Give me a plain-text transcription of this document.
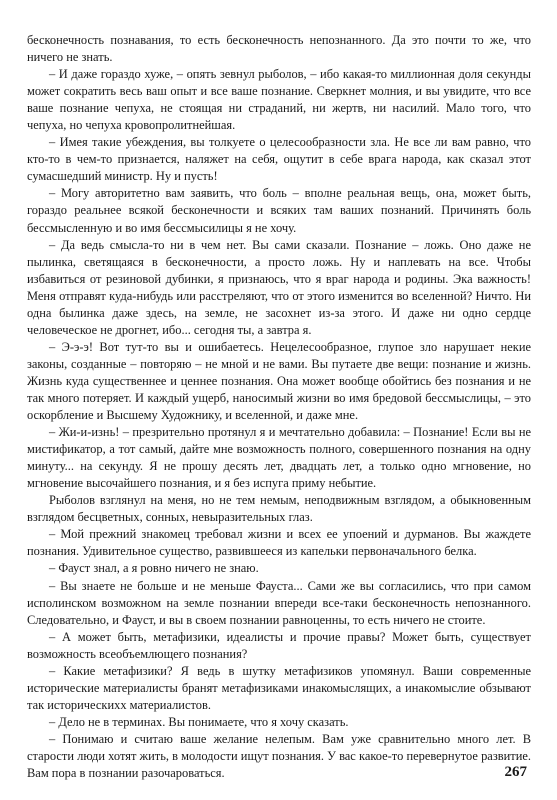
бесконечность познавания, то есть бесконечность непознанного. Да это почти то же, что ничего не знать.

– И даже гораздо хуже, – опять зевнул рыболов, – ибо какая-то миллионная доля секунды может сократить весь ваш опыт и все ваше познание. Сверкнет молния, и вы увидите, что все ваше познание чепуха, не стоящая ни страданий, ни жертв, ни насилий. Мало того, что чепуха, но чепуха кровопролитнейшая.

– Имея такие убеждения, вы толкуете о целесообразности зла. Не все ли вам равно, что кто-то в чем-то признается, наляжет на себя, ощутит в себе врага народа, как сказал этот сумасшедший министр. Ну и пусть!

– Могу авторитетно вам заявить, что боль – вполне реальная вещь, она, может быть, гораздо реальнее всякой бесконечности и всяких там ваших познаний. Причинять боль бессмысленную и во имя бессмысилицы я не хочу.

– Да ведь смысла-то ни в чем нет. Вы сами сказали. Познание – ложь. Оно даже не пылинка, светящаяся в бесконечности, а просто ложь. Ну и наплевать на все. Чтобы избавиться от резиновой дубинки, я признаюсь, что я враг народа и родины. Эка важность! Меня отправят куда-нибудь или расстреляют, что от этого изменится во вселенной? Ничто. Ни одна былинка даже здесь, на земле, не засохнет из-за этого. И даже ни одно сердце человеческое не дрогнет, ибо... сегодня ты, а завтра я.

– Э-э-э! Вот тут-то вы и ошибаетесь. Нецелесообразное, глупое зло нарушает некие законы, созданные – повторяю – не мной и не вами. Вы путаете две вещи: познание и жизнь. Жизнь куда существеннее и ценнее познания. Она может вообще обойтись без познания и не так много потеряет. И каждый ущерб, наносимый жизни во имя бредовой бессмыслицы, – это оскорбление и Высшему Художнику, и вселенной, и даже мне.

– Жи-и-изнь! – презрительно протянул я и мечтательно добавила: – Познание! Если вы не мистификатор, а тот самый, дайте мне возможность полного, совершенного познания на одну минуту... на секунду. Я не прошу десять лет, двадцать лет, а только одно мгновение, но мгновение высочайшего познания, и я без испуга приму небытие.

Рыболов взглянул на меня, но не тем немым, неподвижным взглядом, а обыкновенным взглядом бесцветных, сонных, невыразительных глаз.

– Мой прежний знакомец требовал жизни и всех ее упоений и дурманов. Вы жаждете познания. Удивительное существо, развившееся из капельки первоначального белка.

– Фауст знал, а я ровно ничего не знаю.

– Вы знаете не больше и не меньше Фауста... Сами же вы согласились, что при самом исполинском возможном на земле познании впереди все-таки бесконечность непознанного. Следовательно, и Фауст, и вы в своем познании равноценны, то есть ничего не стоите.

– А может быть, метафизики, идеалисты и прочие правы? Может быть, существует возможность всеобъемлющего познания?

– Какие метафизики? Я ведь в шутку метафизиков упомянул. Ваши современные исторические материалисты бранят метафизиками инакомыслящих, а инакомыслие обзывают так историческихх материалистов.

– Дело не в терминах. Вы понимаете, что я хочу сказать.

– Понимаю и считаю ваше желание нелепым. Вам уже сравнительно много лет. В старости люди хотят жить, в молодости ищут познания. У вас какое-то перевернутое развитие. Вам пора в познании разочароваться.	267
